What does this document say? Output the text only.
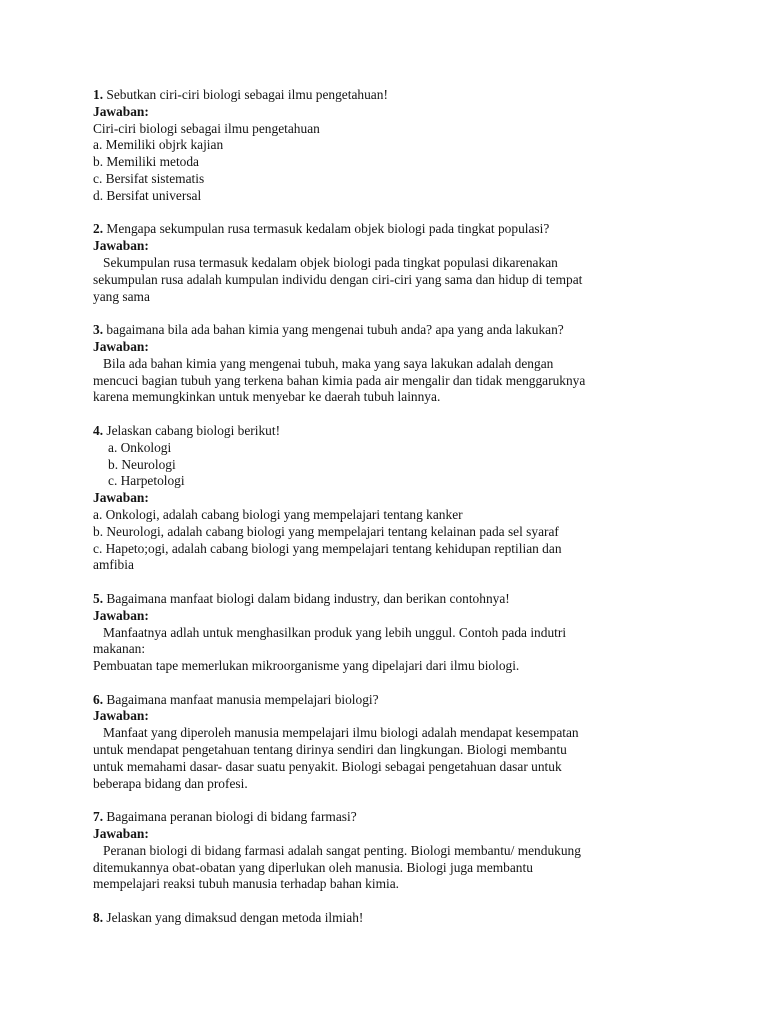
1. Sebutkan ciri-ciri biologi sebagai ilmu pengetahuan!
Jawaban:
Ciri-ciri biologi sebagai ilmu pengetahuan
a. Memiliki objrk kajian
b. Memiliki metoda
c. Bersifat sistematis
d. Bersifat universal
2. Mengapa sekumpulan rusa termasuk kedalam objek biologi pada tingkat populasi?
Jawaban:
Sekumpulan rusa termasuk kedalam objek biologi pada tingkat populasi dikarenakan
sekumpulan rusa adalah kumpulan individu dengan ciri-ciri yang sama dan hidup di tempat
yang sama
3. bagaimana bila ada bahan kimia yang mengenai tubuh anda? apa yang anda lakukan?
Jawaban:
Bila ada bahan kimia yang mengenai tubuh, maka yang saya lakukan adalah dengan
mencuci bagian tubuh yang terkena bahan kimia pada air mengalir dan tidak menggaruknya
karena memungkinkan untuk menyebar ke daerah tubuh lainnya.
4. Jelaskan cabang biologi berikut!
a. Onkologi
b. Neurologi
c. Harpetologi
Jawaban:
a. Onkologi, adalah cabang biologi yang mempelajari tentang kanker
b. Neurologi, adalah cabang biologi yang mempelajari tentang kelainan pada sel syaraf
c. Hapeto;ogi, adalah cabang biologi yang mempelajari tentang kehidupan reptilian dan
amfibia
5. Bagaimana manfaat biologi dalam bidang industry, dan berikan contohnya!
Jawaban:
Manfaatnya adlah untuk menghasilkan produk yang lebih unggul. Contoh pada indutri
makanan:
Pembuatan tape memerlukan mikroorganisme yang dipelajari dari ilmu biologi.
6. Bagaimana manfaat manusia mempelajari biologi?
Jawaban:
Manfaat yang diperoleh manusia mempelajari ilmu biologi adalah mendapat kesempatan
untuk mendapat pengetahuan tentang dirinya sendiri dan lingkungan. Biologi membantu
untuk memahami dasar- dasar suatu penyakit. Biologi sebagai pengetahuan dasar untuk
beberapa bidang dan profesi.
7. Bagaimana peranan biologi di bidang farmasi?
Jawaban:
Peranan biologi di bidang farmasi adalah sangat penting. Biologi membantu/ mendukung
ditemukannya obat-obatan yang diperlukan oleh manusia. Biologi juga membantu
mempelajari reaksi tubuh manusia terhadap bahan kimia.
8. Jelaskan yang dimaksud dengan metoda ilmiah!
